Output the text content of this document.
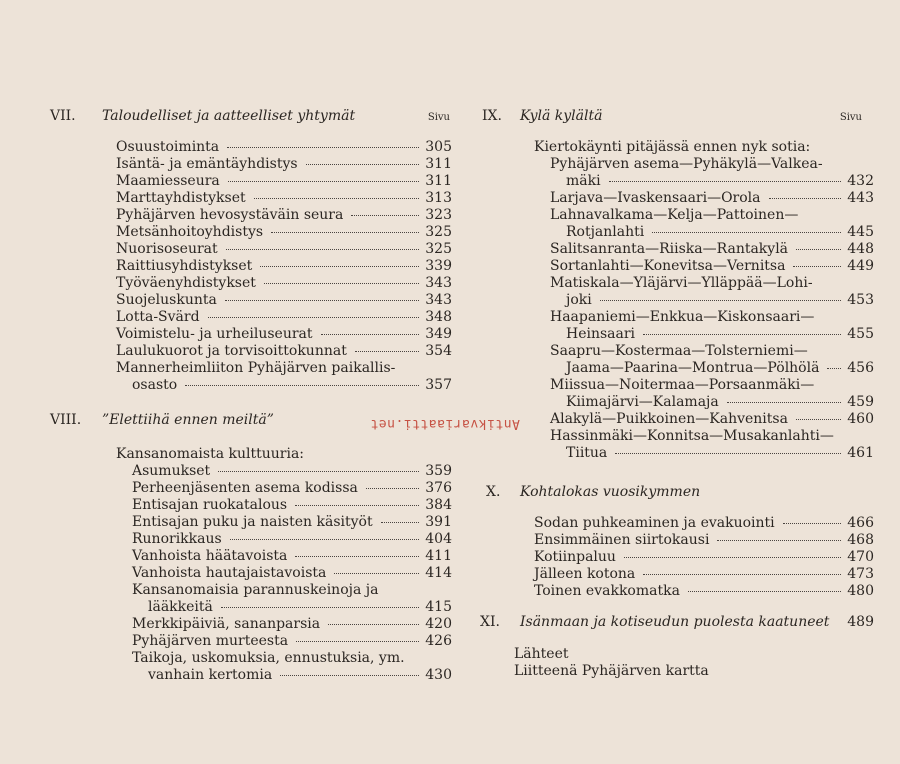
VII. Taloudelliset ja aatteelliset yhtymät	Sivu
Osuustoiminta	305
Isäntä- ja emäntäyhdistys	311
Maamiesseura	311
Marttayhdistykset	313
Pyhäjärven hevosystäväin seura	323
Metsänhoitoyhdistys	325
Nuorisoseurat	325
Raittiusyhdistykset	339
Työväenyhdistykset	343
Suojeluskunta	343
Lotta-Svärd	348
Voimistelu- ja urheiluseurat	349
Laulukuorot ja torvisoittokunnat	354
Mannerheimliiton Pyhäjärven paikallis-
osasto	357
VIII. ”Elettiihä ennen meiltä”
Kansanomaista kulttuuria:
Asumukset	359
Perheenjäsenten asema kodissa	376
Entisajan ruokatalous	384
Entisajan puku ja naisten käsityöt	391
Runorikkaus	404
Vanhoista häätavoista	411
Vanhoista hautajaistavoista	414
Kansanomaisia parannuskeinoja ja
lääkkeitä	415
Merkkipäiviä, sananparsia	420
Pyhäjärven murteesta	426
Taikoja, uskomuksia, ennustuksia, ym.
vanhain kertomia	430
IX. Kylä kylältä	Sivu
Kiertokäynti pitäjässä ennen nyk sotia:
Pyhäjärven asema—Pyhäkylä—Valkea-
mäki	432
Larjava—Ivaskensaari—Orola	443
Lahnavalkama—Kelja—Pattoinen—
Rotjanlahti	445
Salitsanranta—Riiska—Rantakylä	448
Sortanlahti—Konevitsa—Vernitsa	449
Matiskala—Yläjärvi—Ylläppää—Lohi-
joki	453
Haapaniemi—Enkkua—Kiskonsaari—
Heinsaari	455
Saapru—Kostermaa—Tolsterniemi—
Jaama—Paarina—Montrua—Pölhölä 456
Miissua—Noitermaa—Porsaanmäki—
Kiimajärvi—Kalamaja	459
Alakylä—Puikkoinen—Kahvenitsa	460
Hassinmäki—Konnitsa—Musakanlahti—
Tiitua	461
X. Kohtalokas vuosikymmen
Sodan puhkeaminen ja evakuointi	466
Ensimmäinen siirtokausi	468
Kotiinpaluu	470
Jälleen kotona	473
Toinen evakkomatka	480
XI. Isänmaan ja kotiseudun puolesta kaatuneet 489
Lähteet
Liitteenä Pyhäjärven kartta
Antikvariaatti.net
